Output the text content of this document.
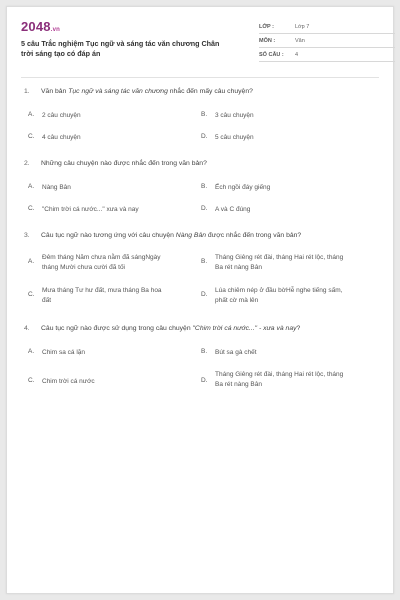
2048.vn
5 câu Trắc nghiệm Tục ngữ và sáng tác văn chương Chân trời sáng tạo có đáp án
LỚP :	Lớp 7
MÔN :	Văn
SỐ CÂU : 4
1. Văn bản Tục ngữ và sáng tác văn chương nhắc đến mấy câu chuyện?
A. 2 câu chuyện	B. 3 câu chuyện
C. 4 câu chuyện	D. 5 câu chuyện
2. Những câu chuyện nào được nhắc đến trong văn bản?
A. Nàng Bân	B. Ếch ngồi đáy giếng
C. "Chim trời cá nước..." xưa và nay	D. A và C đúng
3. Câu tục ngữ nào tương ứng với câu chuyện Nàng Bân được nhắc đến trong văn bản?
A.
Đêm tháng Năm chưa nằm đã sángNgày tháng Mười chưa cười đã tối
B.
Tháng Giêng rét đài, tháng Hai rét lộc, tháng Ba rét nàng Bân
C.
Mưa tháng Tư hư đất, mưa tháng Ba hoa đất
D.
Lúa chiêm nép ở đầu bờHễ nghe tiếng sấm, phất cờ mà lên
4. Câu tục ngữ nào được sử dụng trong câu chuyện "Chim trời cá nước..." - xưa và nay?
A. Chim sa cá lặn	B. Bút sa gà chết
C. Chim trời cá nước	D.
Tháng Giêng rét đài, tháng Hai rét lộc, tháng Ba rét nàng Bân
